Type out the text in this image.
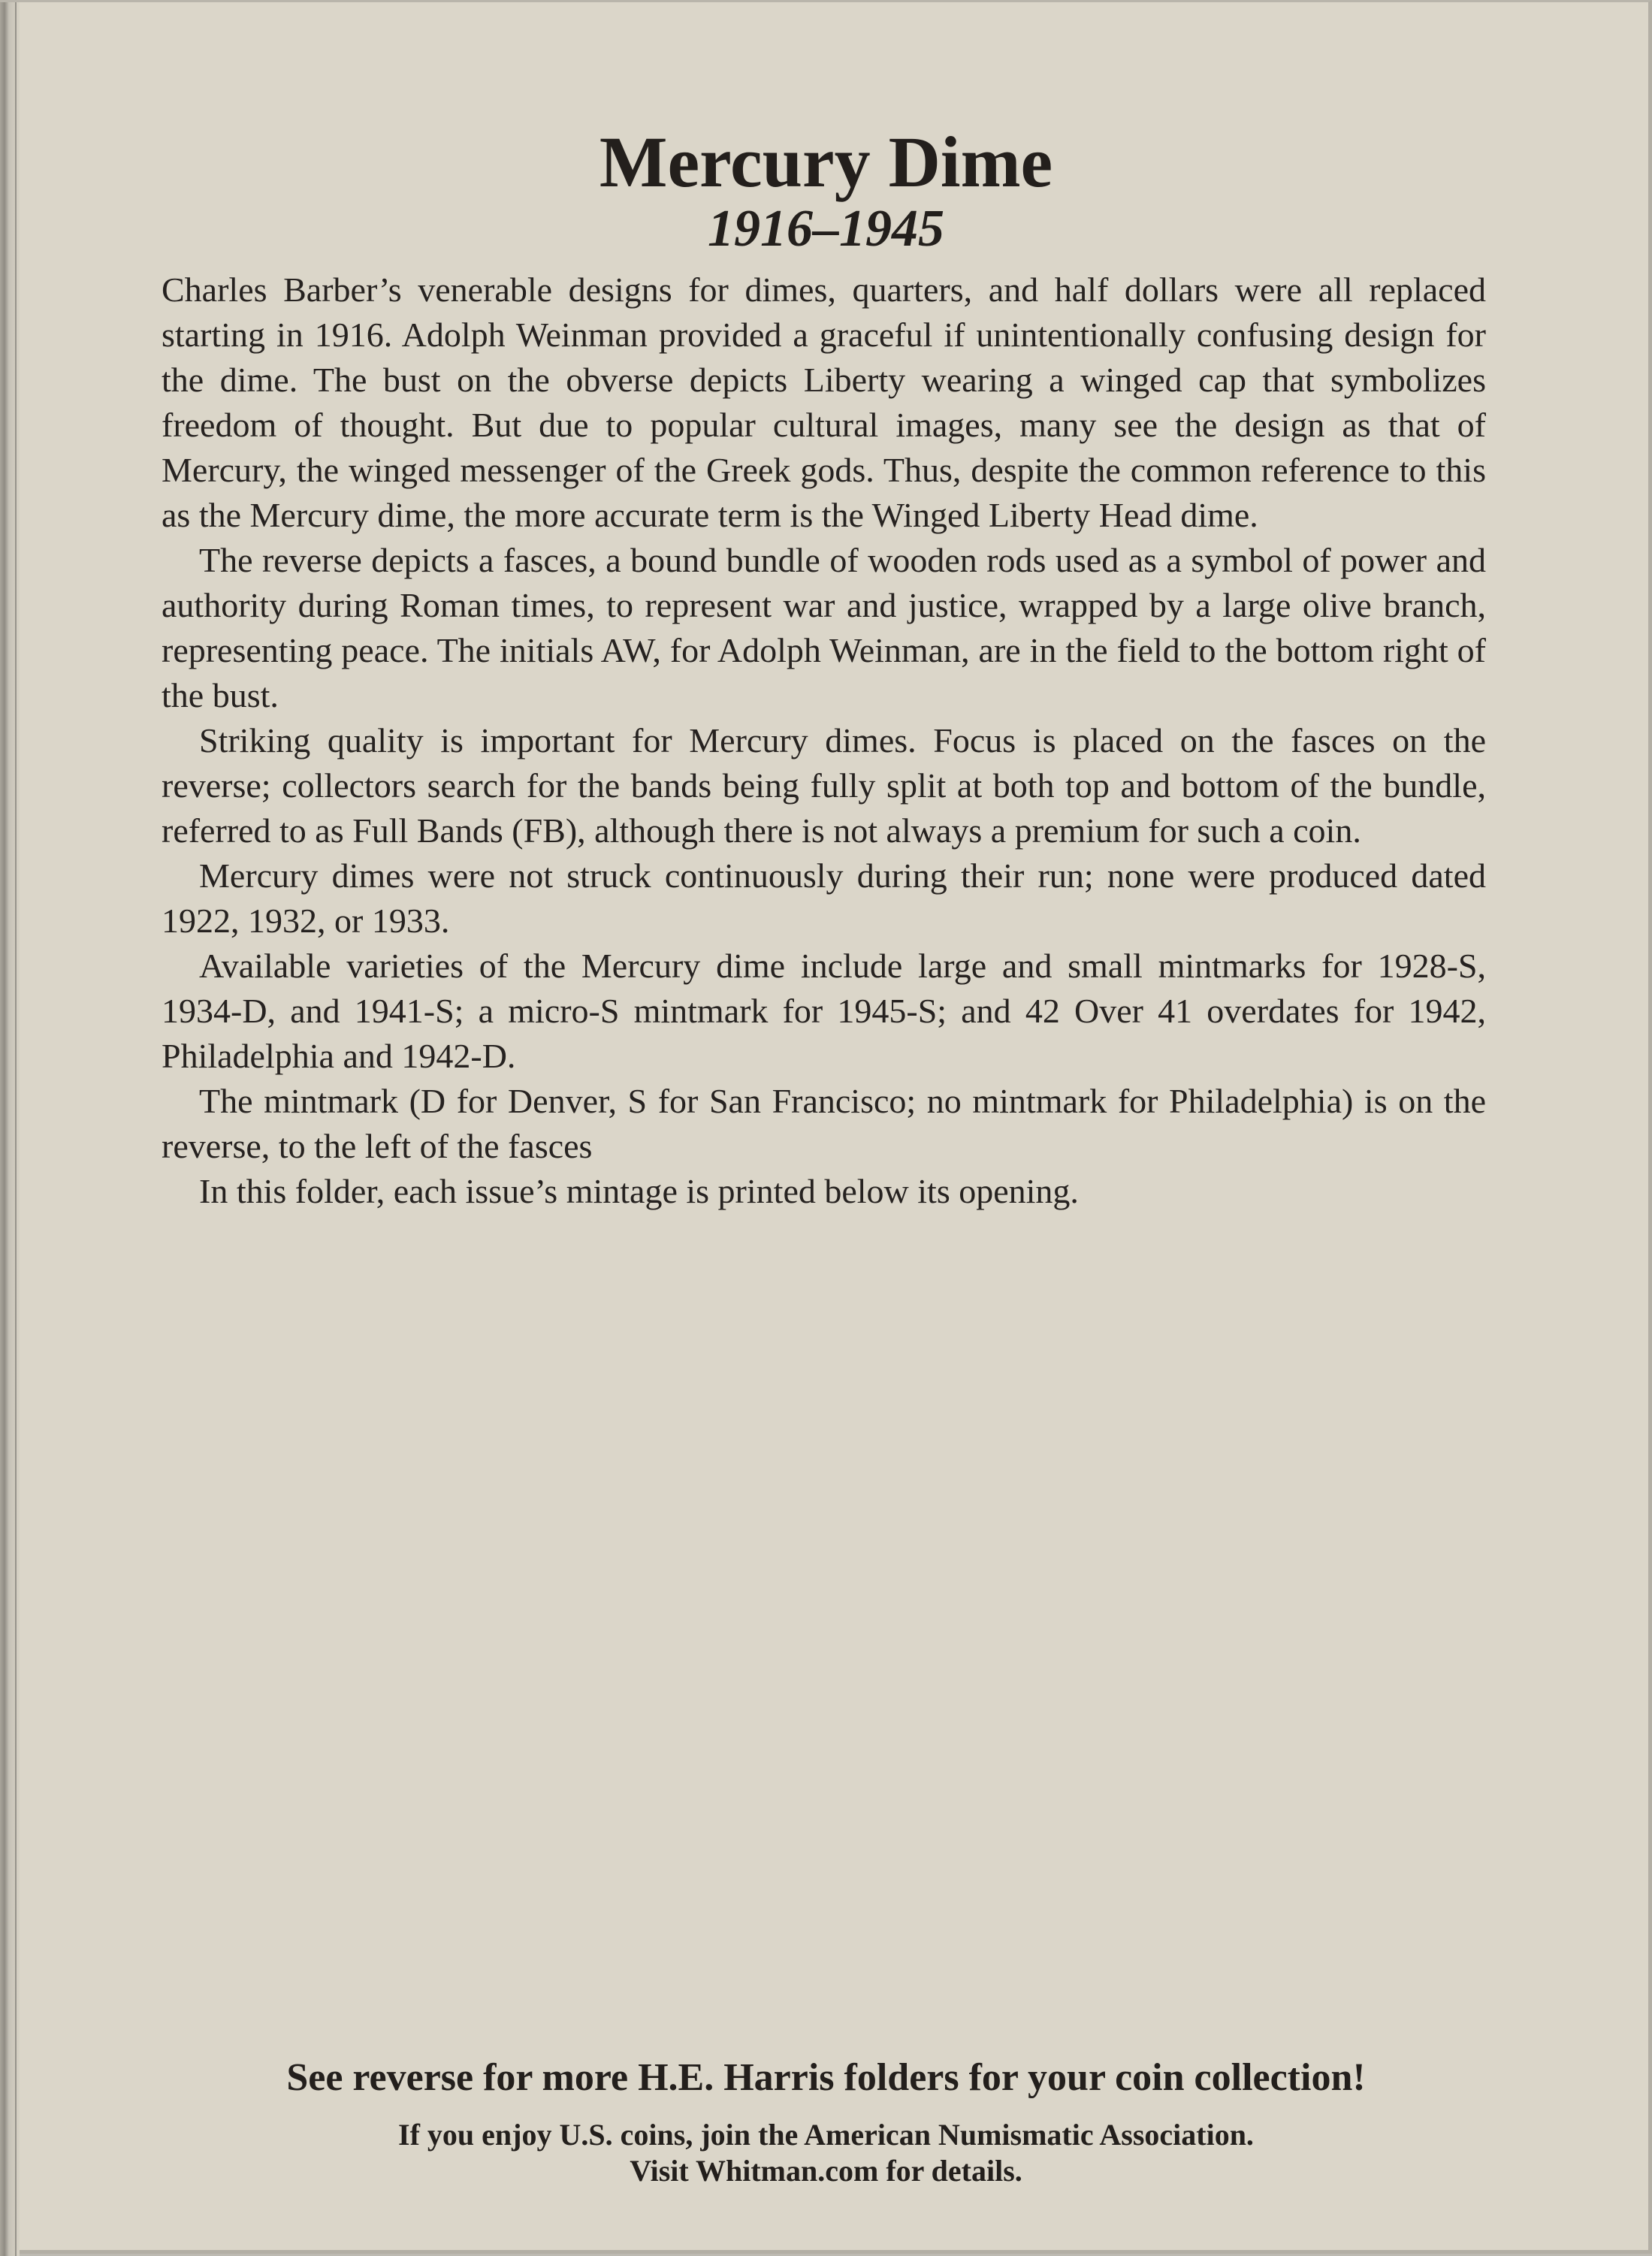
Mercury Dime
1916–1945

Charles Barber’s venerable designs for dimes, quarters, and half dollars were all replaced starting in 1916. Adolph Weinman provided a graceful if unintentionally confusing design for the dime. The bust on the obverse depicts Liberty wearing a winged cap that symbolizes freedom of thought. But due to popular cultural images, many see the design as that of Mercury, the winged messenger of the Greek gods. Thus, despite the common reference to this as the Mercury dime, the more accurate term is the Winged Liberty Head dime.

The reverse depicts a fasces, a bound bundle of wooden rods used as a symbol of power and authority during Roman times, to represent war and justice, wrapped by a large olive branch, representing peace. The initials AW, for Adolph Weinman, are in the field to the bottom right of the bust.

Striking quality is important for Mercury dimes. Focus is placed on the fasces on the reverse; collectors search for the bands being fully split at both top and bottom of the bundle, referred to as Full Bands (FB), although there is not always a premium for such a coin.

Mercury dimes were not struck continuously during their run; none were produced dated 1922, 1932, or 1933.

Available varieties of the Mercury dime include large and small mintmarks for 1928-S, 1934-D, and 1941-S; a micro-S mintmark for 1945-S; and 42 Over 41 overdates for 1942, Philadelphia and 1942-D.

The mintmark (D for Denver, S for San Francisco; no mintmark for Philadelphia) is on the reverse, to the left of the fasces

In this folder, each issue’s mintage is printed below its opening.

See reverse for more H.E. Harris folders for your coin collection!

If you enjoy U.S. coins, join the American Numismatic Association.
Visit Whitman.com for details.
